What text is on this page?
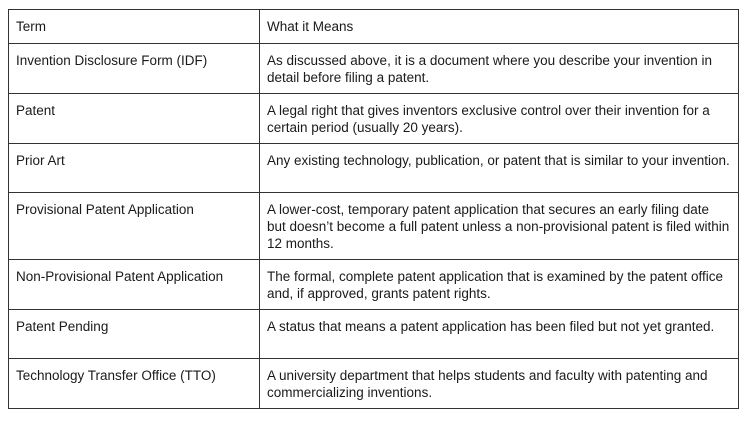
Term	What it Means
Invention Disclosure Form (IDF)	As discussed above, it is a document where you describe your invention in detail before filing a patent.
Patent	A legal right that gives inventors exclusive control over their invention for a certain period (usually 20 years).
Prior Art	Any existing technology, publication, or patent that is similar to your invention.
Provisional Patent Application	A lower-cost, temporary patent application that secures an early filing date but doesn’t become a full patent unless a non-provisional patent is filed within 12 months.
Non-Provisional Patent Application	The formal, complete patent application that is examined by the patent office and, if approved, grants patent rights.
Patent Pending	A status that means a patent application has been filed but not yet granted.
Technology Transfer Office (TTO)	A university department that helps students and faculty with patenting and commercializing inventions.
